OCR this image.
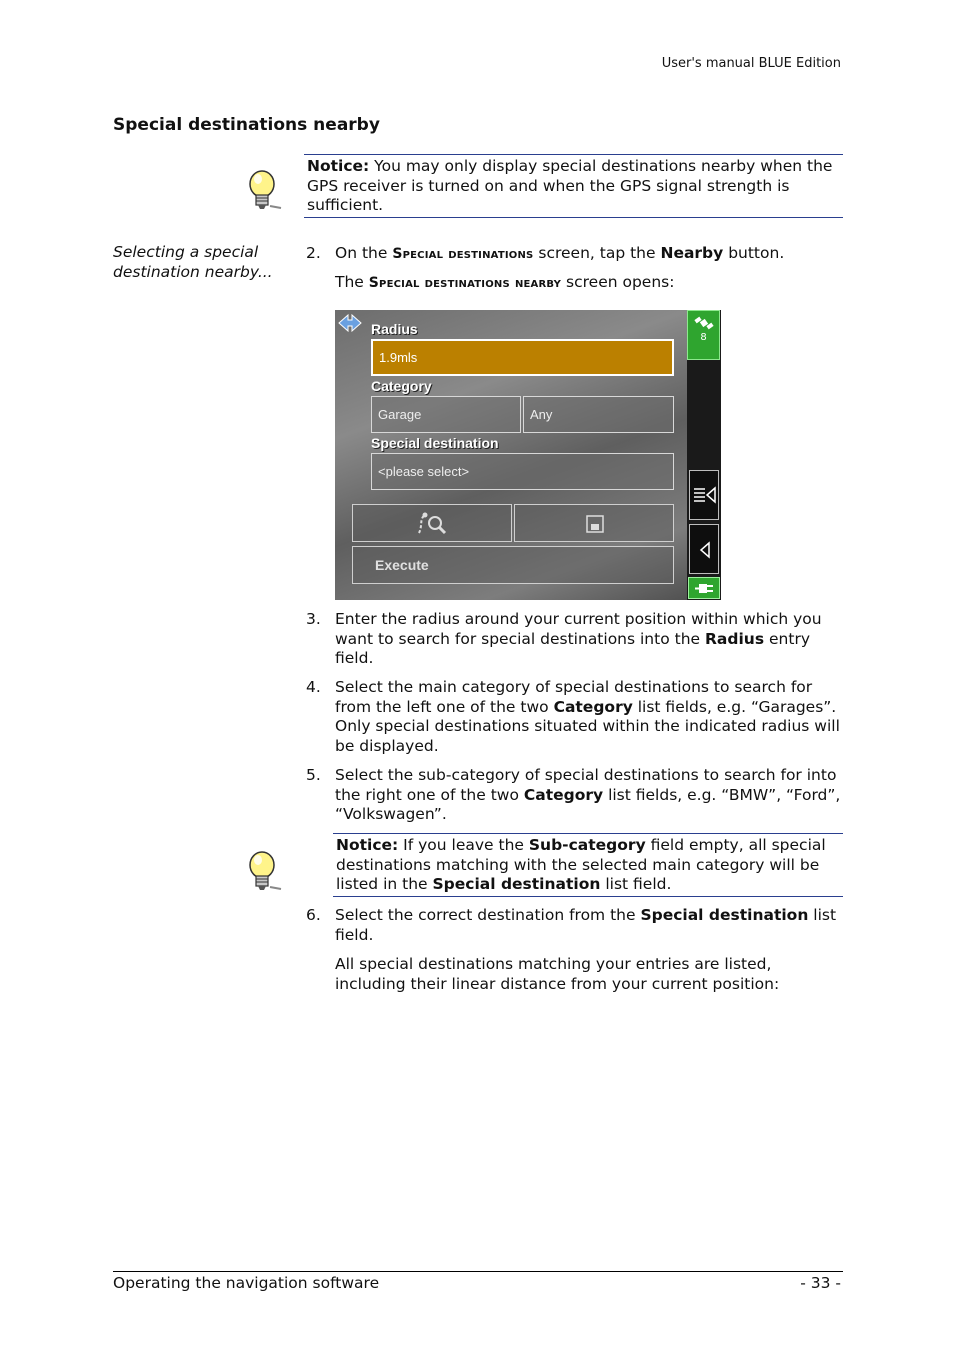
User's manual BLUE Edition
Special destinations nearby
Notice: You may only display special destinations nearby when the GPS receiver is turned on and when the GPS signal strength is sufficient.
Selecting a special destination nearby...
2. On the Special destinations screen, tap the Nearby button.
The Special destinations nearby screen opens:
Radius
1.9mls
Category
Garage	Any
Special destination
<please select>
Execute
8
3. Enter the radius around your current position within which you want to search for special destinations into the Radius entry field.
4. Select the main category of special destinations to search for from the left one of the two Category list fields, e.g. “Garages”. Only special destinations situated within the indicated radius will be displayed.
5. Select the sub-category of special destinations to search for into the right one of the two Category list fields, e.g. “BMW”, “Ford”, “Volkswagen”.
Notice: If you leave the Sub-category field empty, all special destinations matching with the selected main category will be listed in the Special destination list field.
6. Select the correct destination from the Special destination list field.
All special destinations matching your entries are listed, including their linear distance from your current position:
Operating the navigation software	- 33 -
